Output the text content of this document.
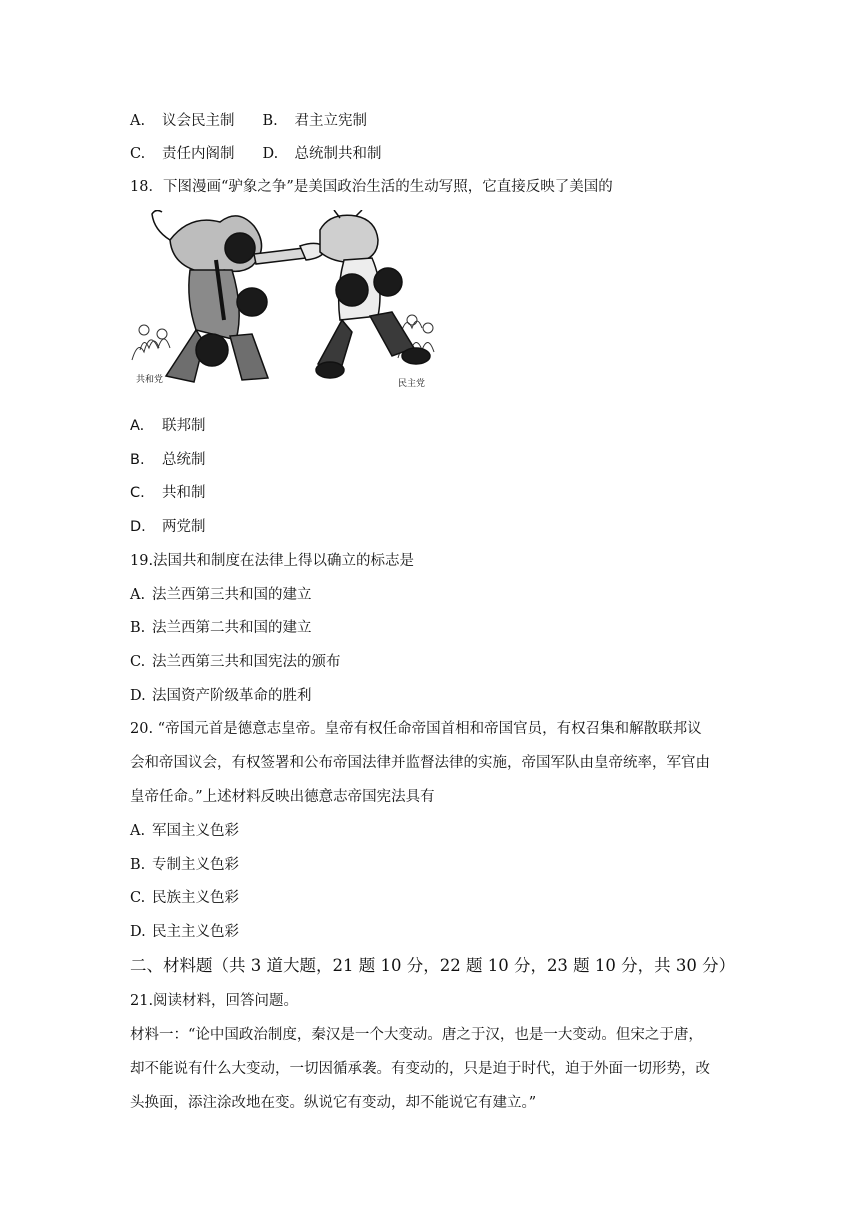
A. 议会民主制 B. 君主立宪制
C. 责任内阁制 D. 总统制共和制
18．下图漫画“驴象之争”是美国政治生活的生动写照，它直接反映了美国的
共和党	民主党
A. 联邦制
B. 总统制
C. 共和制
D. 两党制
19.法国共和制度在法律上得以确立的标志是
A. 法兰西第三共和国的建立
B. 法兰西第二共和国的建立
C. 法兰西第三共和国宪法的颁布
D. 法国资产阶级革命的胜利
20. “帝国元首是德意志皇帝。皇帝有权任命帝国首相和帝国官员，有权召集和解散联邦议
会和帝国议会，有权签署和公布帝国法律并监督法律的实施，帝国军队由皇帝统率，军官由
皇帝任命。”上述材料反映出德意志帝国宪法具有
A. 军国主义色彩
B. 专制主义色彩
C. 民族主义色彩
D. 民主主义色彩
二、材料题（共 3 道大题，21 题 10 分，22 题 10 分，23 题 10 分，共 30 分）
21.阅读材料，回答问题。
材料一：“论中国政治制度，秦汉是一个大变动。唐之于汉，也是一大变动。但宋之于唐，
却不能说有什么大变动，一切因循承袭。有变动的，只是迫于时代，迫于外面一切形势，改
头换面，添注涂改地在变。纵说它有变动，却不能说它有建立。”
